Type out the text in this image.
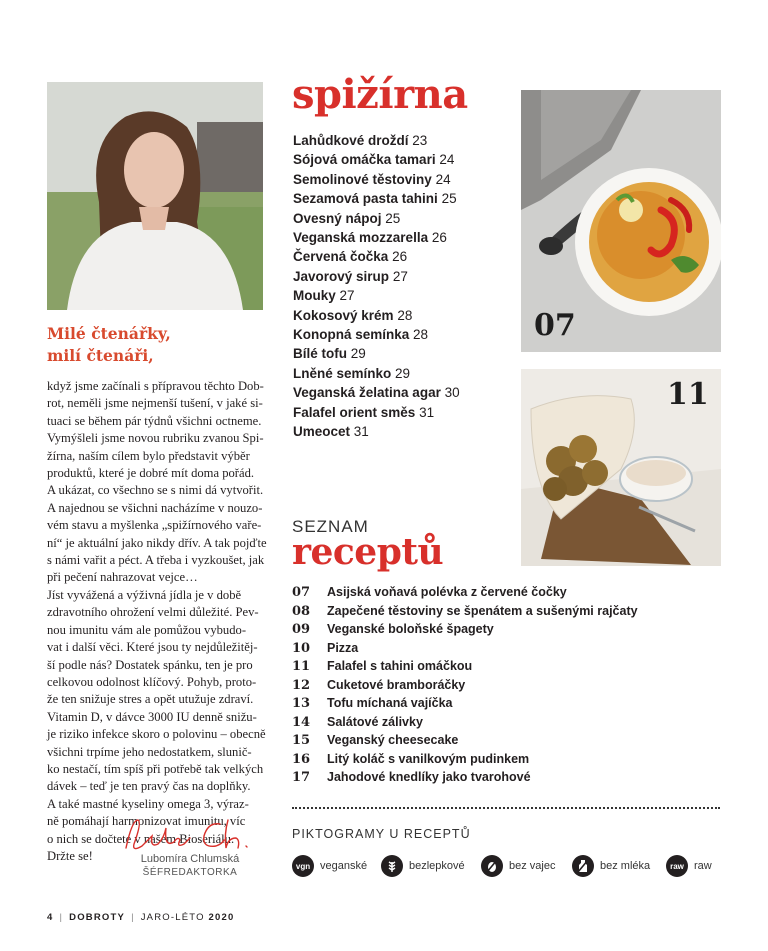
Milé čtenářky,
milí čtenáři,
když jsme začínali s přípravou těchto Dob-
rot, neměli jsme nejmenší tušení, v jaké si-
tuaci se během pár týdnů všichni octneme.
Vymýšleli jsme novou rubriku zvanou Spi-
žírna, naším cílem bylo představit výběr
produktů, které je dobré mít doma pořád.
A ukázat, co všechno se s nimi dá vytvořit.
A najednou se všichni nacházíme v nouzo-
vém stavu a myšlenka „spižírnového vaře-
ní“ je aktuální jako nikdy dřív. A tak pojďte
s námi vařit a péct. A třeba i vyzkoušet, jak
při pečení nahrazovat vejce…
Jíst vyvážená a výživná jídla je v době
zdravotního ohrožení velmi důležité. Pev-
nou imunitu vám ale pomůžou vybudo-
vat i další věci. Které jsou ty nejdůležitěj-
ší podle nás? Dostatek spánku, ten je pro
celkovou odolnost klíčový. Pohyb, proto-
že ten snižuje stres a opět utužuje zdraví.
Vitamin D, v dávce 3000 IU denně snižu-
je riziko infekce skoro o polovinu – obecně
všichni trpíme jeho nedostatkem, slunič-
ko nestačí, tím spíš při potřebě tak velkých
dávek – teď je ten pravý čas na doplňky.
A také mastné kyseliny omega 3, výraz-
ně pomáhají harmonizovat imunitu, víc
o nich se dočtete v našem Bioseriálu.
Držte se!	Lubomíra Chlumská
ŠÉFREDAKTORKA
4 | DOBROTY | JARO-LÉTO 2020
spižírna
Lahůdkové droždí 23
Sójová omáčka tamari 24
Semolinové těstoviny 24
Sezamová pasta tahini 25
Ovesný nápoj 25
Veganská mozzarella 26
Červená čočka 26
Javorový sirup 27
Mouky 27
Kokosový krém 28
Konopná semínka 28
Bílé tofu 29
Lněné semínko 29
Veganská želatina agar 30
Falafel orient směs 31
Umeocet 31
07
11
SEZNAM
receptů
07 Asijská voňavá polévka z červené čočky
08 Zapečené těstoviny se špenátem a sušenými rajčaty
09 Veganské boloňské špagety
10 Pizza
11 Falafel s tahini omáčkou
12 Cuketové bramboráčky
13 Tofu míchaná vajíčka
14 Salátové zálivky
15 Veganský cheesecake
16 Litý koláč s vanilkovým pudinkem
17 Jahodové knedlíky jako tvarohové
PIKTOGRAMY U RECEPTŮ
vgn veganské	bezlepkové	bez vajec	bez mléka	raw raw
